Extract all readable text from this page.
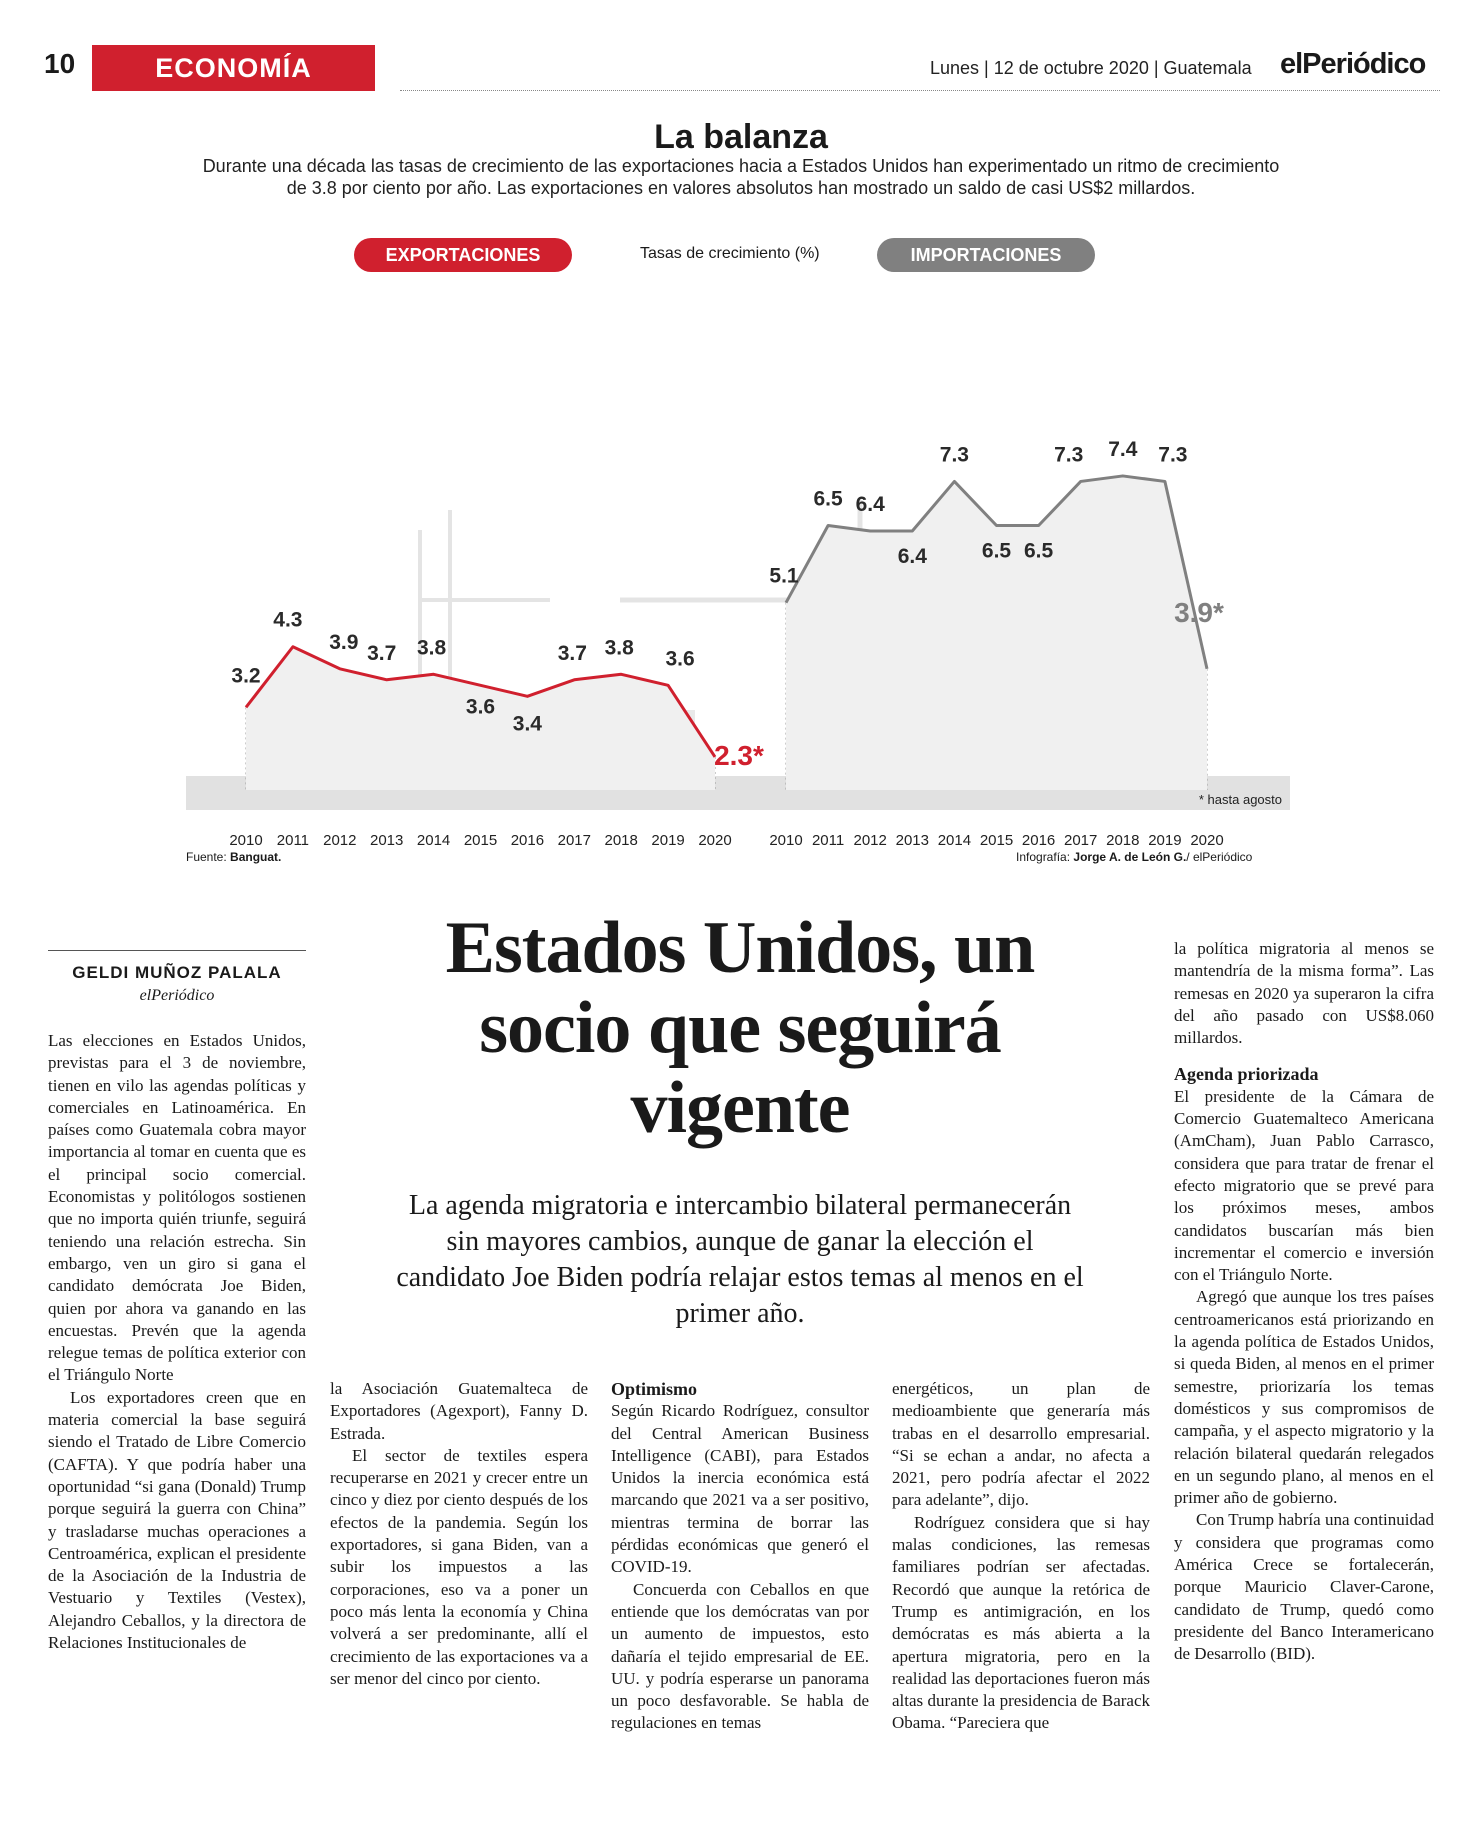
10	ECONOMÍA	Lunes | 12 de octubre 2020 | Guatemala elPeriódico
La balanza
Durante una década las tasas de crecimiento de las exportaciones hacia a Estados Unidos han experimentado un ritmo de crecimiento de 3.8 por ciento por año. Las exportaciones en valores absolutos han mostrado un saldo de casi US$2 millardos.
EXPORTACIONES	Tasas de crecimiento (%)	IMPORTACIONES
* hasta agosto
3.2
4.3
3.9 3.7 3.8
3.6
3.4
3.7 3.8 3.6
2.3*
5.1
6.5 6.4
6.4
7.3
6.5 6.5
7.3 7.4 7.3
3.9*
2010 2011 2012 2013 2014 2015 2016 2017 2018 2019 2020	2010 2011 2012 2013 2014 2015 2016 2017 2018 2019 2020
Fuente: Banguat.	Infografía: Jorge A. de León G./ elPeriódico
GELDI MUÑOZ PALALA
elPeriódico
Estados Unidos, un socio que seguirá vigente
La agenda migratoria e intercambio bilateral permanecerán sin mayores cambios, aunque de ganar la elección el candidato Joe Biden podría relajar estos temas al menos en el primer año.

Las elecciones en Estados Unidos, previstas para el 3 de noviembre, tienen en vilo las agendas políticas y comerciales en Latinoamérica. En países como Guatemala cobra mayor importancia al tomar en cuenta que es el principal socio comercial. Economistas y politólogos sostienen que no importa quién triunfe, seguirá teniendo una relación estrecha. Sin embargo, ven un giro si gana el candidato demócrata Joe Biden, quien por ahora va ganando en las encuestas. Prevén que la agenda relegue temas de política exterior con el Triángulo Norte

Los exportadores creen que en materia comercial la base seguirá siendo el Tratado de Libre Comercio (CAFTA). Y que podría haber una oportunidad “si gana (Donald) Trump porque seguirá la guerra con China” y trasladarse muchas operaciones a Centroamérica, explican el presidente de la Asociación de la Industria de Vestuario y Textiles (Vestex), Alejandro Ceballos, y la directora de Relaciones Institucionales de

la Asociación Guatemalteca de Exportadores (Agexport), Fanny D. Estrada.

El sector de textiles espera recuperarse en 2021 y crecer entre un cinco y diez por ciento después de los efectos de la pandemia. Según los exportadores, si gana Biden, van a subir los impuestos a las corporaciones, eso va a poner un poco más lenta la economía y China volverá a ser predominante, allí el crecimiento de las exportaciones va a ser menor del cinco por ciento.

Optimismo

Según Ricardo Rodríguez, consultor del Central American Business Intelligence (CABI), para Estados Unidos la inercia económica está marcando que 2021 va a ser positivo, mientras termina de borrar las pérdidas económicas que generó el COVID-19.

Concuerda con Ceballos en que entiende que los demócratas van por un aumento de impuestos, esto dañaría el tejido empresarial de EE. UU. y podría esperarse un panorama un poco desfavorable. Se habla de regulaciones en temas

energéticos, un plan de medioambiente que generaría más trabas en el desarrollo empresarial. “Si se echan a andar, no afecta a 2021, pero podría afectar el 2022 para adelante”, dijo.

Rodríguez considera que si hay malas condiciones, las remesas familiares podrían ser afectadas. Recordó que aunque la retórica de Trump es antimigración, en los demócratas es más abierta a la apertura migratoria, pero en la realidad las deportaciones fueron más altas durante la presidencia de Barack Obama. “Pareciera que

la política migratoria al menos se mantendría de la misma forma”. Las remesas en 2020 ya superaron la cifra del año pasado con US$8.060 millardos.

Agenda priorizada

El presidente de la Cámara de Comercio Guatemalteco Americana (AmCham), Juan Pablo Carrasco, considera que para tratar de frenar el efecto migratorio que se prevé para los próximos meses, ambos candidatos buscarían más bien incrementar el comercio e inversión con el Triángulo Norte.

Agregó que aunque los tres países centroamericanos está priorizando en la agenda política de Estados Unidos, si queda Biden, al menos en el primer semestre, priorizaría los temas domésticos y sus compromisos de campaña, y el aspecto migratorio y la relación bilateral quedarán relegados en un segundo plano, al menos en el primer año de gobierno.

Con Trump habría una continuidad y considera que programas como América Crece se fortalecerán, porque Mauricio Claver-Carone, candidato de Trump, quedó como presidente del Banco Interamericano de Desarrollo (BID).
